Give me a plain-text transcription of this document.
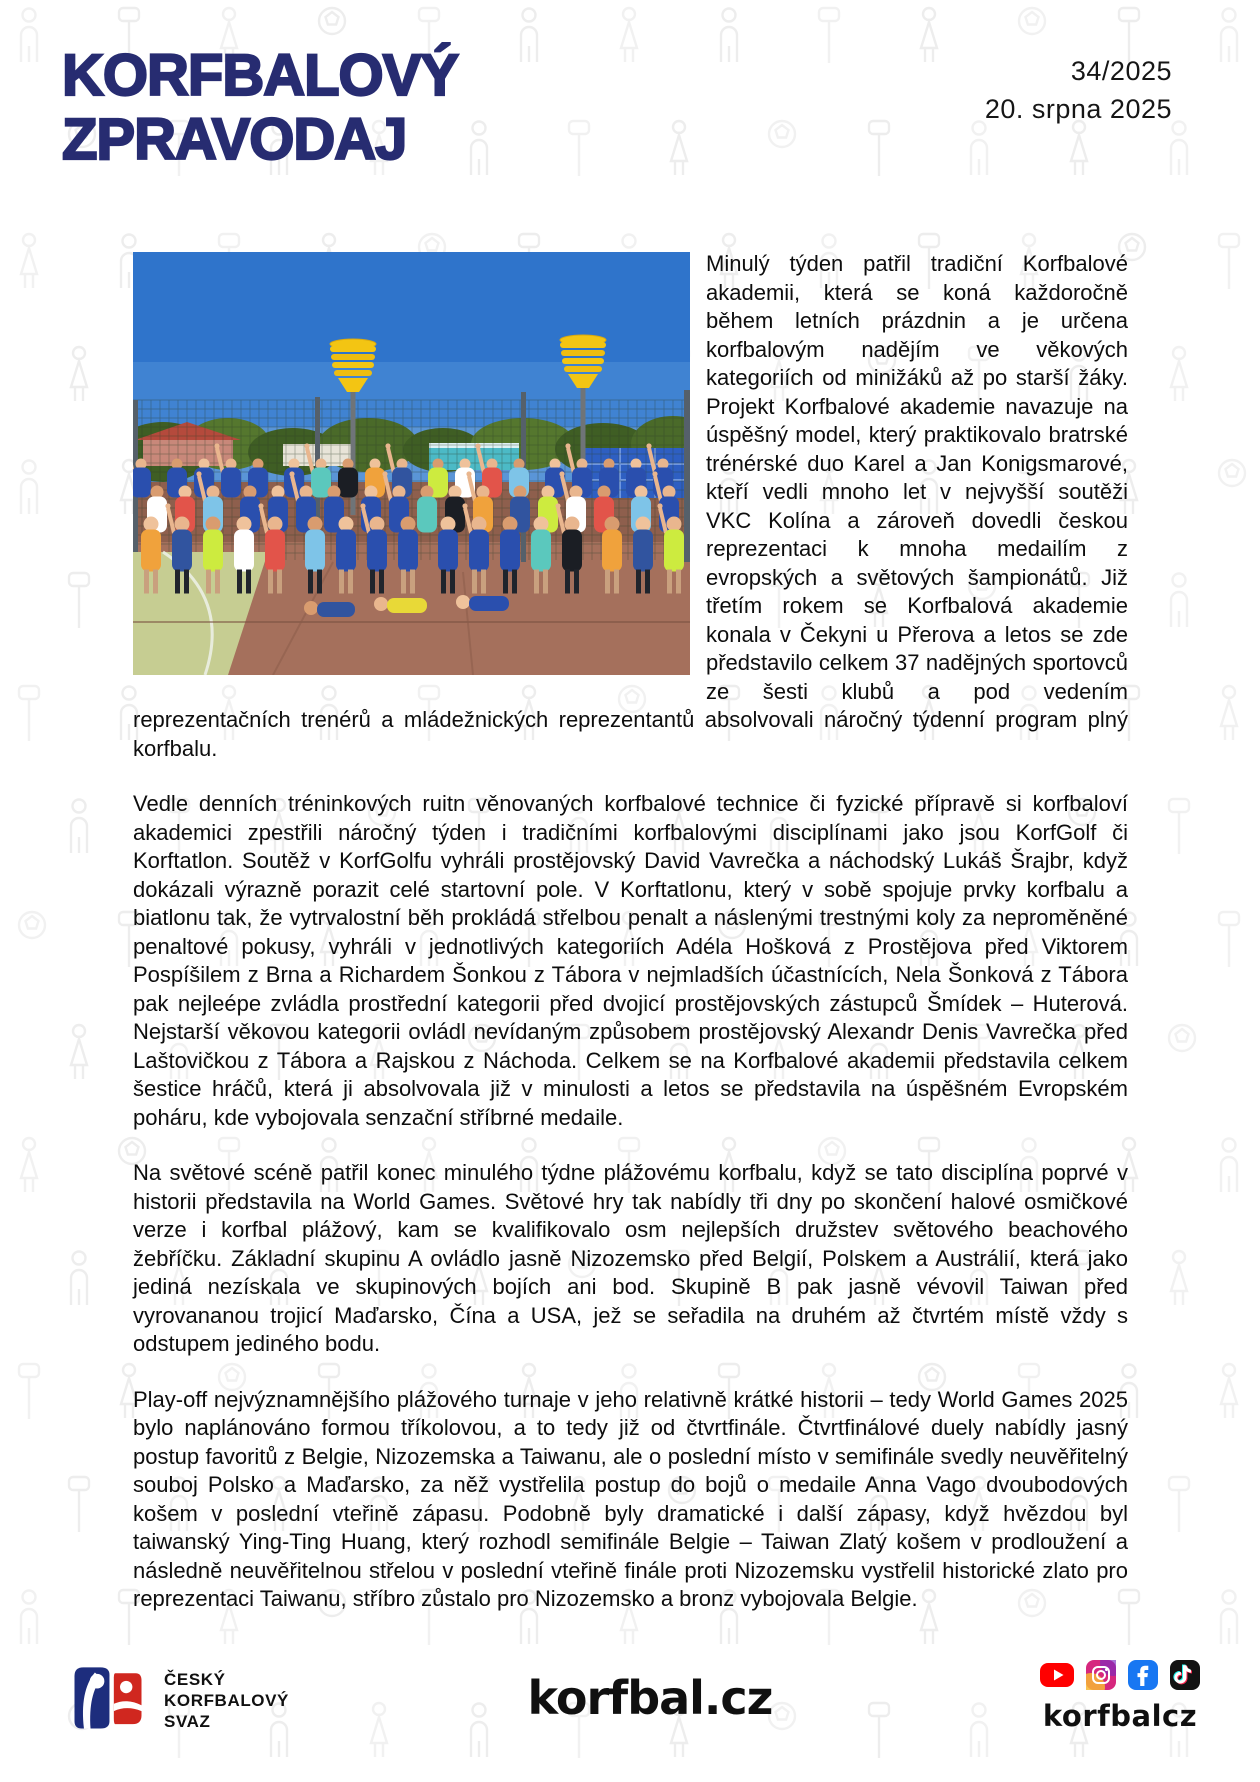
KORFBALOVÝ
ZPRAVODAJ
34/2025
20. srpna 2025

Minulý týden patřil tradiční Korfbalové akademii, která se koná každoročně během letních prázdnin a je určena korfbalovým nadějím ve věkových kategoriích od minižáků až po starší žáky. Projekt Korfbalové akademie navazuje na úspěšný model, který praktikovalo bratrské trénérské duo Karel a Jan Konigsmarové, kteří vedli mnoho let v nejvyšší soutěži VKC Kolína a zároveň dovedli českou reprezentaci k mnoha medailím z evropských a světových šampionátů. Již třetím rokem se Korfbalová akademie konala v Čekyni u Přerova a letos se zde představilo celkem 37 nadějných sportovců ze šesti klubů a pod vedením reprezentačních trenérů a mládežnických reprezentantů absolvovali náročný týdenní program plný korfbalu.

Vedle denních tréninkových ruitn věnovaných korfbalové technice či fyzické přípravě si korfbaloví akademici zpestřili náročný týden i tradičními korfbalovými disciplínami jako jsou KorfGolf či Korftatlon. Soutěž v KorfGolfu vyhráli prostějovský David Vavrečka a náchodský Lukáš Šrajbr, když dokázali výrazně porazit celé startovní pole. V Korftatlonu, který v sobě spojuje prvky korfbalu a biatlonu tak, že vytrvalostní běh prokládá střelbou penalt a náslenými trestnými koly za neproměněné penaltové pokusy, vyhráli v jednotlivých kategoriích Adéla Hošková z Prostějova před Viktorem Pospíšilem z Brna a Richardem Šonkou z Tábora v nejmladších účastnících, Nela Šonková z Tábora pak nejleépe zvládla prostřední kategorii před dvojicí prostějovských zástupců Šmídek – Huterová. Nejstarší věkovou kategorii ovládl nevídaným způsobem prostějovský Alexandr Denis Vavrečka před Laštovičkou z Tábora a Rajskou z Náchoda. Celkem se na Korfbalové akademii představila celkem šestice hráčů, která ji absolvovala již v minulosti a letos se představila na úspěšném Evropském poháru, kde vybojovala senzační stříbrné medaile.

Na světové scéně patřil konec minulého týdne plážovému korfbalu, když se tato disciplína poprvé v historii představila na World Games. Světové hry tak nabídly tři dny po skončení halové osmičkové verze i korfbal plážový, kam se kvalifikovalo osm nejlepších družstev světového beachového žebříčku. Základní skupinu A ovládlo jasně Nizozemsko před Belgií, Polskem a Austrálií, která jako jediná nezískala ve skupinových bojích ani bod. Skupině B pak jasně vévovil Taiwan před vyrovananou trojicí Maďarsko, Čína a USA, jež se seřadila na druhém až čtvrtém místě vždy s odstupem jediného bodu.

Play-off nejvýznamnějšího plážového turnaje v jeho relativně krátké historii – tedy World Games 2025 bylo naplánováno formou tříkolovou, a to tedy již od čtvrtfinále. Čtvrtfinálové duely nabídly jasný postup favoritů z Belgie, Nizozemska a Taiwanu, ale o poslední místo v semifinále svedly neuvěřitelný souboj Polsko a Maďarsko, za něž vystřelila postup do bojů o medaile Anna Vago dvoubodových košem v poslední vteřině zápasu. Podobně byly dramatické i další zápasy, když hvězdou byl taiwanský Ying-Ting Huang, který rozhodl semifinále Belgie – Taiwan Zlatý košem v prodloužení a následně neuvěřitelnou střelou v poslední vteřině finále proti Nizozemsku vystřelil historické zlato pro reprezentaci Taiwanu, stříbro zůstalo pro Nizozemsko a bronz vybojovala Belgie.

ČESKÝ
KORFBALOVÝ
SVAZ	korfbal.cz	korfbalcz
